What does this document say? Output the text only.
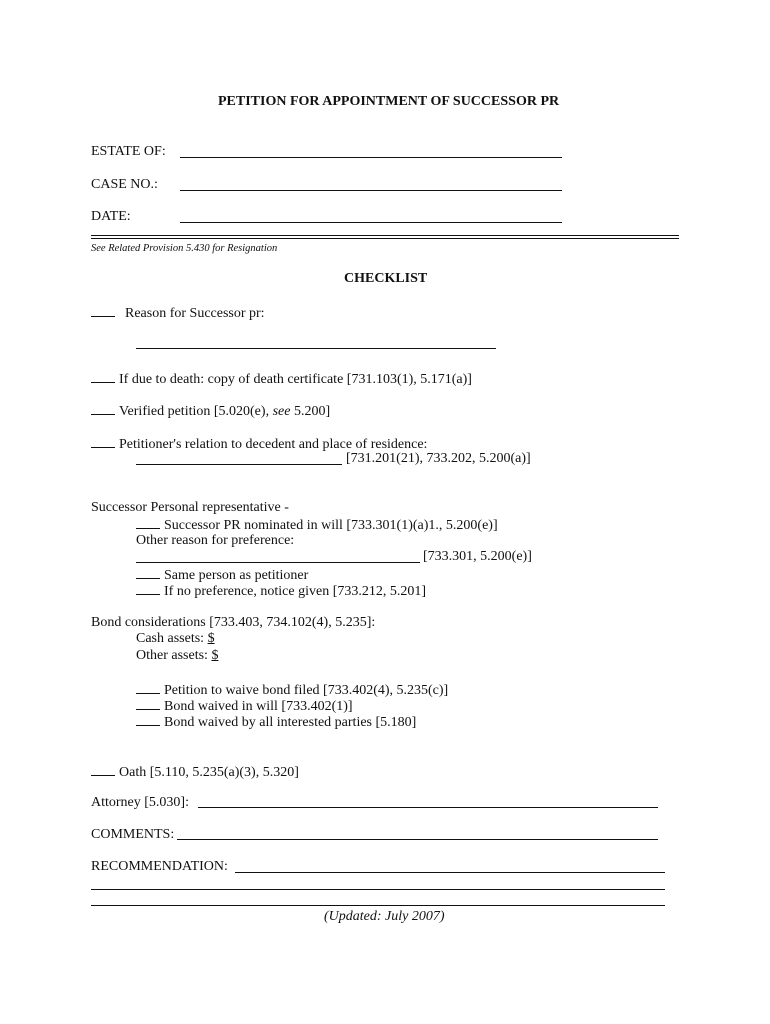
PETITION FOR APPOINTMENT OF SUCCESSOR PR
ESTATE OF:
CASE NO.:
DATE:
See Related Provision 5.430 for Resignation
CHECKLIST
Reason for Successor pr:
If due to death: copy of death certificate [731.103(1), 5.171(a)]
Verified petition [5.020(e), see 5.200]
Petitioner's relation to decedent and place of residence:
[731.201(21), 733.202, 5.200(a)]
Successor Personal representative -
Successor PR nominated in will [733.301(1)(a)1., 5.200(e)]
Other reason for preference:
[733.301, 5.200(e)]
Same person as petitioner
If no preference, notice given [733.212, 5.201]
Bond considerations [733.403, 734.102(4), 5.235]:
Cash assets: $
Other assets: $
Petition to waive bond filed [733.402(4), 5.235(c)]
Bond waived in will [733.402(1)]
Bond waived by all interested parties [5.180]
Oath [5.110, 5.235(a)(3), 5.320]
Attorney [5.030]:
COMMENTS:
RECOMMENDATION:
(Updated: July 2007)
